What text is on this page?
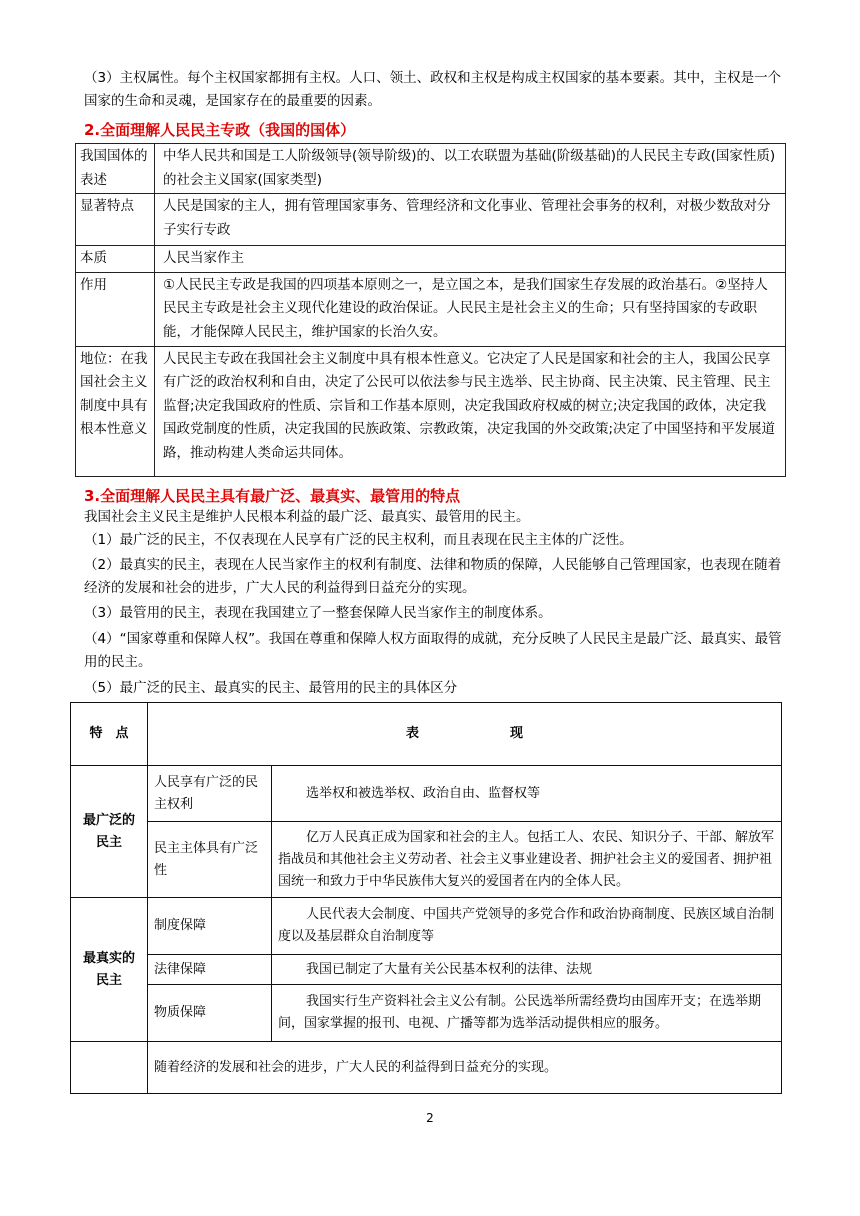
（3）主权属性。每个主权国家都拥有主权。人口、领土、政权和主权是构成主权国家的基本要素。其中，主权是一个国家的生命和灵魂，是国家存在的最重要的因素。

2.全面理解人民民主专政（我国的国体）
我国国体的表述	中华人民共和国是工人阶级领导(领导阶级)的、以工农联盟为基础(阶级基础)的人民民主专政(国家性质)的社会主义国家(国家类型)
显著特点	人民是国家的主人，拥有管理国家事务、管理经济和文化事业、管理社会事务的权利，对极少数敌对分子实行专政
本质	人民当家作主
作用	①人民民主专政是我国的四项基本原则之一，是立国之本，是我们国家生存发展的政治基石。②坚持人民民主专政是社会主义现代化建设的政治保证。人民民主是社会主义的生命；只有坚持国家的专政职能，才能保障人民民主，维护国家的长治久安。
地位：在我国社会主义制度中具有根本性意义	人民民主专政在我国社会主义制度中具有根本性意义。它决定了人民是国家和社会的主人，我国公民享有广泛的政治权利和自由，决定了公民可以依法参与民主选举、民主协商、民主决策、民主管理、民主监督;决定我国政府的性质、宗旨和工作基本原则，决定我国政府权威的树立;决定我国的政体，决定我国政党制度的性质，决定我国的民族政策、宗教政策，决定我国的外交政策;决定了中国坚持和平发展道路，推动构建人类命运共同体。
3.全面理解人民民主具有最广泛、最真实、最管用的特点

我国社会主义民主是维护人民根本利益的最广泛、最真实、最管用的民主。

（1）最广泛的民主，不仅表现在人民享有广泛的民主权利，而且表现在民主主体的广泛性。

（2）最真实的民主，表现在人民当家作主的权利有制度、法律和物质的保障，人民能够自己管理国家，也表现在随着经济的发展和社会的进步，广大人民的利益得到日益充分的实现。

（3）最管用的民主，表现在我国建立了一整套保障人民当家作主的制度体系。

（4）“国家尊重和保障人权”。我国在尊重和保障人权方面取得的成就，充分反映了人民民主是最广泛、最真实、最管用的民主。

（5）最广泛的民主、最真实的民主、最管用的民主的具体区分

特　点	表　　　　　　　现	
最广泛的民主	人民享有广泛的民主权利	选举权和被选举权、政治自由、监督权等
	民主主体具有广泛性	亿万人民真正成为国家和社会的主人。包括工人、农民、知识分子、干部、解放军指战员和其他社会主义劳动者、社会主义事业建设者、拥护社会主义的爱国者、拥护祖国统一和致力于中华民族伟大复兴的爱国者在内的全体人民。
最真实的民主	制度保障	人民代表大会制度、中国共产党领导的多党合作和政治协商制度、民族区域自治制度以及基层群众自治制度等
	法律保障	我国已制定了大量有关公民基本权利的法律、法规
	物质保障	我国实行生产资料社会主义公有制。公民选举所需经费均由国库开支；在选举期间，国家掌握的报刊、电视、广播等都为选举活动提供相应的服务。
	随着经济的发展和社会的进步，广大人民的利益得到日益充分的实现。	
2
